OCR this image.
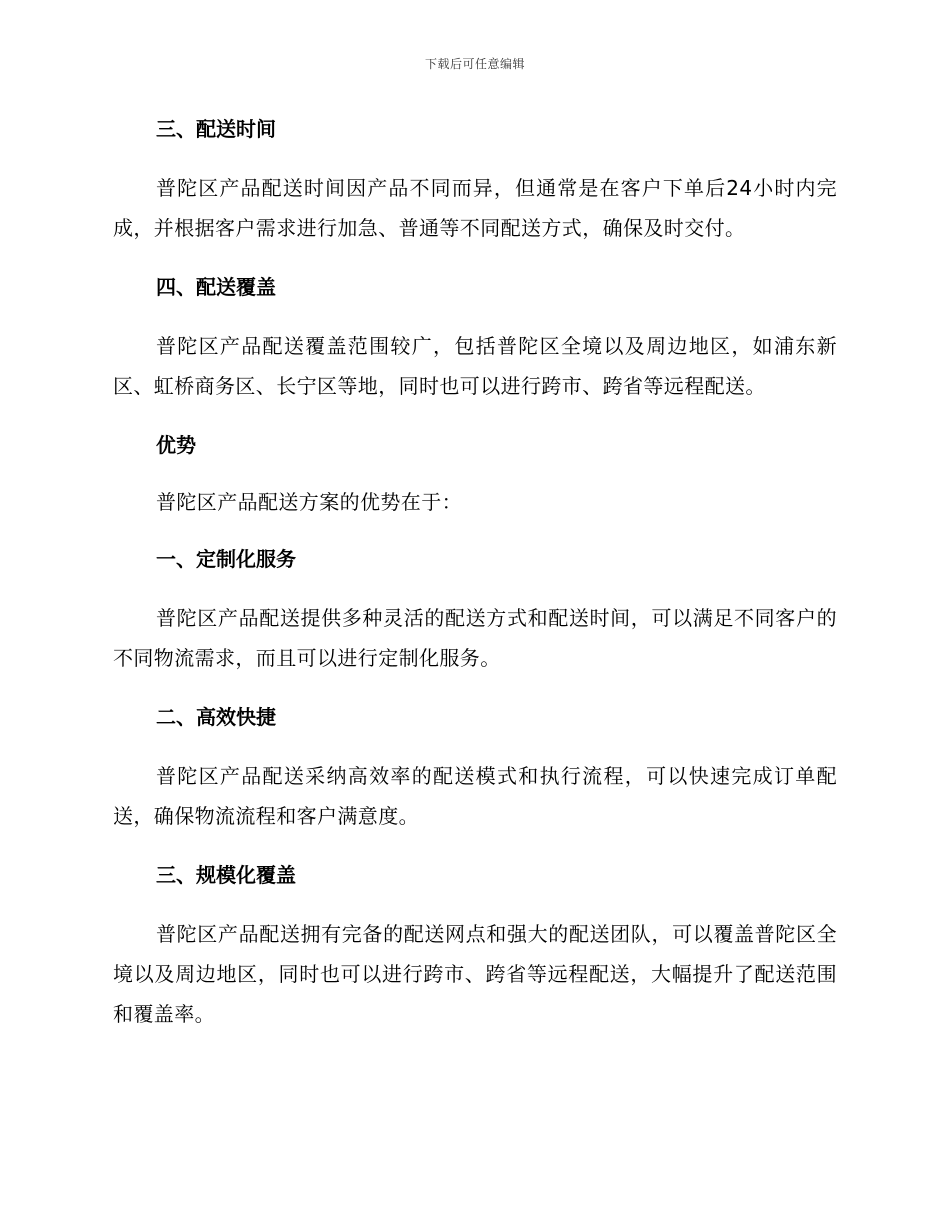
下载后可任意编辑
三、配送时间

普陀区产品配送时间因产品不同而异，但通常是在客户下单后24小时内完成，并根据客户需求进行加急、普通等不同配送方式，确保及时交付。

四、配送覆盖

普陀区产品配送覆盖范围较广，包括普陀区全境以及周边地区，如浦东新区、虹桥商务区、长宁区等地，同时也可以进行跨市、跨省等远程配送。

优势

普陀区产品配送方案的优势在于：

一、定制化服务

普陀区产品配送提供多种灵活的配送方式和配送时间，可以满足不同客户的不同物流需求，而且可以进行定制化服务。

二、高效快捷

普陀区产品配送采纳高效率的配送模式和执行流程，可以快速完成订单配送，确保物流流程和客户满意度。

三、规模化覆盖

普陀区产品配送拥有完备的配送网点和强大的配送团队，可以覆盖普陀区全境以及周边地区，同时也可以进行跨市、跨省等远程配送，大幅提升了配送范围和覆盖率。
